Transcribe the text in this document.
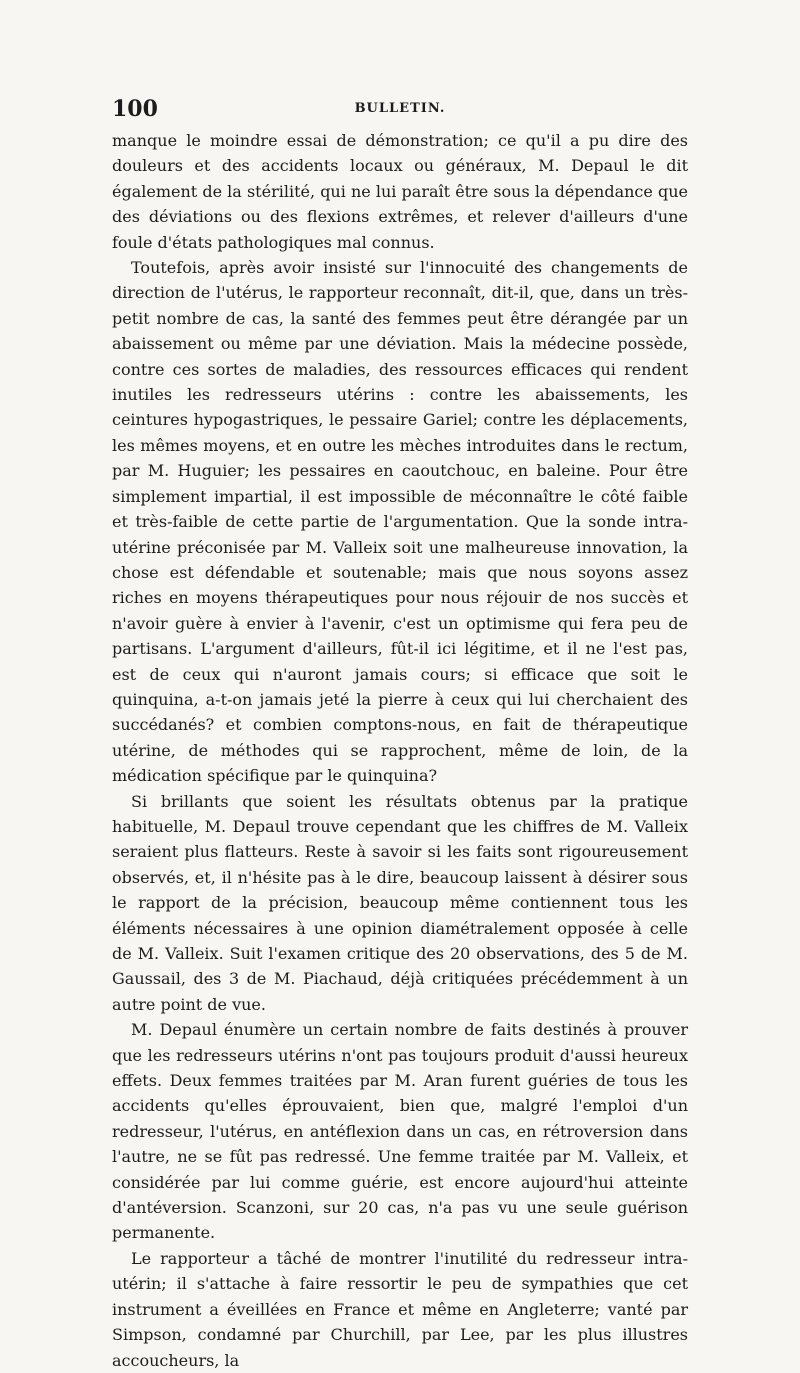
100	BULLETIN.

manque le moindre essai de démonstration; ce qu'il a pu dire des douleurs et des accidents locaux ou généraux, M. Depaul le dit également de la stérilité, qui ne lui paraît être sous la dépendance que des déviations ou des flexions extrêmes, et relever d'ailleurs d'une foule d'états pathologiques mal connus.

Toutefois, après avoir insisté sur l'innocuité des changements de direction de l'utérus, le rapporteur reconnaît, dit-il, que, dans un très-petit nombre de cas, la santé des femmes peut être dérangée par un abaissement ou même par une déviation. Mais la médecine possède, contre ces sortes de maladies, des ressources efficaces qui rendent inutiles les redresseurs utérins : contre les abaissements, les ceintures hypogastriques, le pessaire Gariel; contre les déplacements, les mêmes moyens, et en outre les mèches introduites dans le rectum, par M. Huguier; les pessaires en caoutchouc, en baleine. Pour être simplement impartial, il est impossible de méconnaître le côté faible et très-faible de cette partie de l'argumentation. Que la sonde intra-utérine préconisée par M. Valleix soit une malheureuse innovation, la chose est défendable et soutenable; mais que nous soyons assez riches en moyens thérapeutiques pour nous réjouir de nos succès et n'avoir guère à envier à l'avenir, c'est un optimisme qui fera peu de partisans. L'argument d'ailleurs, fût-il ici légitime, et il ne l'est pas, est de ceux qui n'auront jamais cours; si efficace que soit le quinquina, a-t-on jamais jeté la pierre à ceux qui lui cherchaient des succédanés? et combien comptons-nous, en fait de thérapeutique utérine, de méthodes qui se rapprochent, même de loin, de la médication spécifique par le quinquina?

Si brillants que soient les résultats obtenus par la pratique habituelle, M. Depaul trouve cependant que les chiffres de M. Valleix seraient plus flatteurs. Reste à savoir si les faits sont rigoureusement observés, et, il n'hésite pas à le dire, beaucoup laissent à désirer sous le rapport de la précision, beaucoup même contiennent tous les éléments nécessaires à une opinion diamétralement opposée à celle de M. Valleix. Suit l'examen critique des 20 observations, des 5 de M. Gaussail, des 3 de M. Piachaud, déjà critiquées précédemment à un autre point de vue.

M. Depaul énumère un certain nombre de faits destinés à prouver que les redresseurs utérins n'ont pas toujours produit d'aussi heureux effets. Deux femmes traitées par M. Aran furent guéries de tous les accidents qu'elles éprouvaient, bien que, malgré l'emploi d'un redresseur, l'utérus, en antéflexion dans un cas, en rétroversion dans l'autre, ne se fût pas redressé. Une femme traitée par M. Valleix, et considérée par lui comme guérie, est encore aujourd'hui atteinte d'antéversion. Scanzoni, sur 20 cas, n'a pas vu une seule guérison permanente.

Le rapporteur a tâché de montrer l'inutilité du redresseur intra-utérin; il s'attache à faire ressortir le peu de sympathies que cet instrument a éveillées en France et même en Angleterre; vanté par Simpson, condamné par Churchill, par Lee, par les plus illustres accoucheurs, la
